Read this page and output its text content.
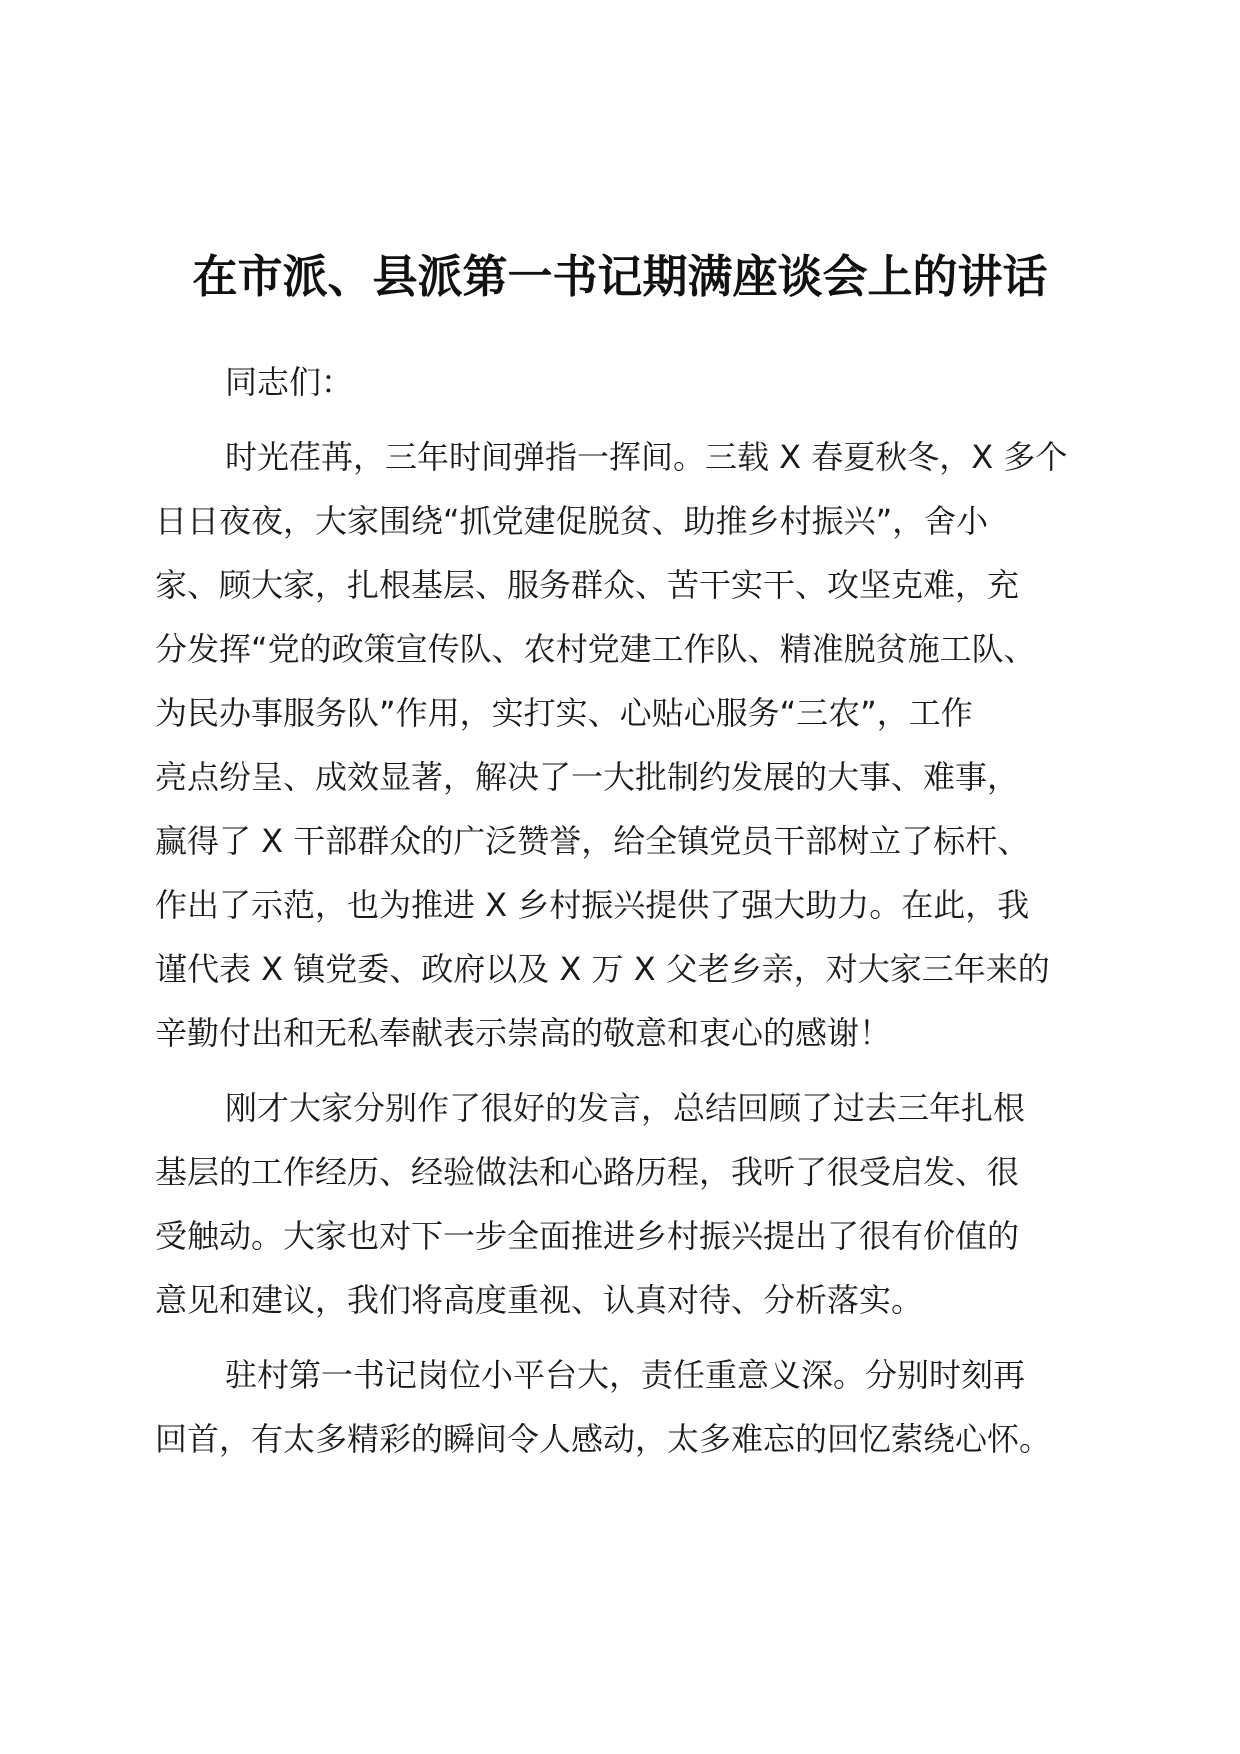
在市派、县派第一书记期满座谈会上的讲话
同志们：
时光荏苒，三年时间弹指一挥间。三载 X 春夏秋冬，X 多个
日日夜夜，大家围绕“抓党建促脱贫、助推乡村振兴”，舍小
家、顾大家，扎根基层、服务群众、苦干实干、攻坚克难，充
分发挥“党的政策宣传队、农村党建工作队、精准脱贫施工队、
为民办事服务队”作用，实打实、心贴心服务“三农”，工作
亮点纷呈、成效显著，解决了一大批制约发展的大事、难事，
赢得了 X 干部群众的广泛赞誉，给全镇党员干部树立了标杆、
作出了示范，也为推进 X 乡村振兴提供了强大助力。在此，我
谨代表 X 镇党委、政府以及 X 万 X 父老乡亲，对大家三年来的
辛勤付出和无私奉献表示崇高的敬意和衷心的感谢！
刚才大家分别作了很好的发言，总结回顾了过去三年扎根
基层的工作经历、经验做法和心路历程，我听了很受启发、很
受触动。大家也对下一步全面推进乡村振兴提出了很有价值的
意见和建议，我们将高度重视、认真对待、分析落实。
驻村第一书记岗位小平台大，责任重意义深。分别时刻再
回首，有太多精彩的瞬间令人感动，太多难忘的回忆萦绕心怀。
